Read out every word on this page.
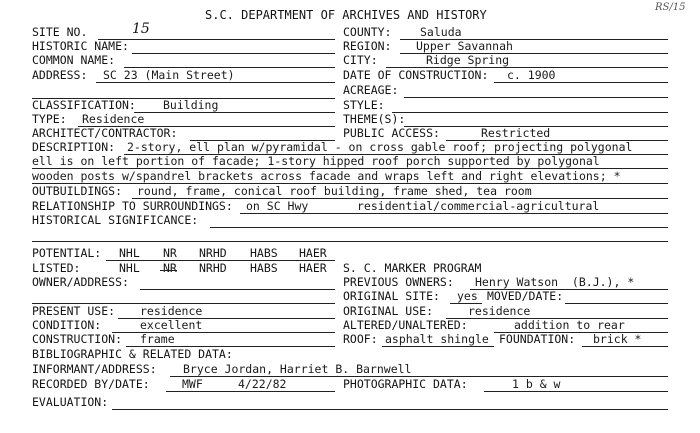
S.C. DEPARTMENT OF ARCHIVES AND HISTORY
RS/15
SITE NO.	15	COUNTY: Saluda
HISTORIC NAME:	REGION: Upper Savannah
COMMON NAME:	CITY:	Ridge Spring
ADDRESS: SC 23 (Main Street)	DATE OF CONSTRUCTION: c. 1900
ACREAGE:
CLASSIFICATION: Building	STYLE:
TYPE: Residence	THEME(S):
ARCHITECT/CONTRACTOR:	PUBLIC ACCESS:	Restricted
DESCRIPTION: 2-story, ell plan w/pyramidal - on cross gable roof; projecting polygonal
ell is on left portion of facade; 1-story hipped roof porch supported by polygonal
wooden posts w/spandrel brackets across facade and wraps left and right elevations; *
OUTBUILDINGS: round, frame, conical roof building, frame shed, tea room
RELATIONSHIP TO SURROUNDINGS: on SC Hwy	residential/commercial-agricultural
HISTORICAL SIGNIFICANCE:
POTENTIAL: NHL NR NRHD HABS HAER
LISTED:	NHL NR NRHD HABS HAER S. C. MARKER PROGRAM
OWNER/ADDRESS:	PREVIOUS OWNERS: Henry Watson  (B.J.), *
ORIGINAL SITE: yes MOVED/DATE:
PRESENT USE: residence	ORIGINAL USE:	residence
CONDITION:	excellent	ALTERED/UNALTERED:	addition to rear
CONSTRUCTION: frame	ROOF: asphalt shingle FOUNDATION: brick *
BIBLIOGRAPHIC & RELATED DATA:
INFORMANT/ADDRESS: Bryce Jordan, Harriet B. Barnwell
RECORDED BY/DATE:	MWF	4/22/82	PHOTOGRAPHIC DATA:	1 b & w
EVALUATION:
